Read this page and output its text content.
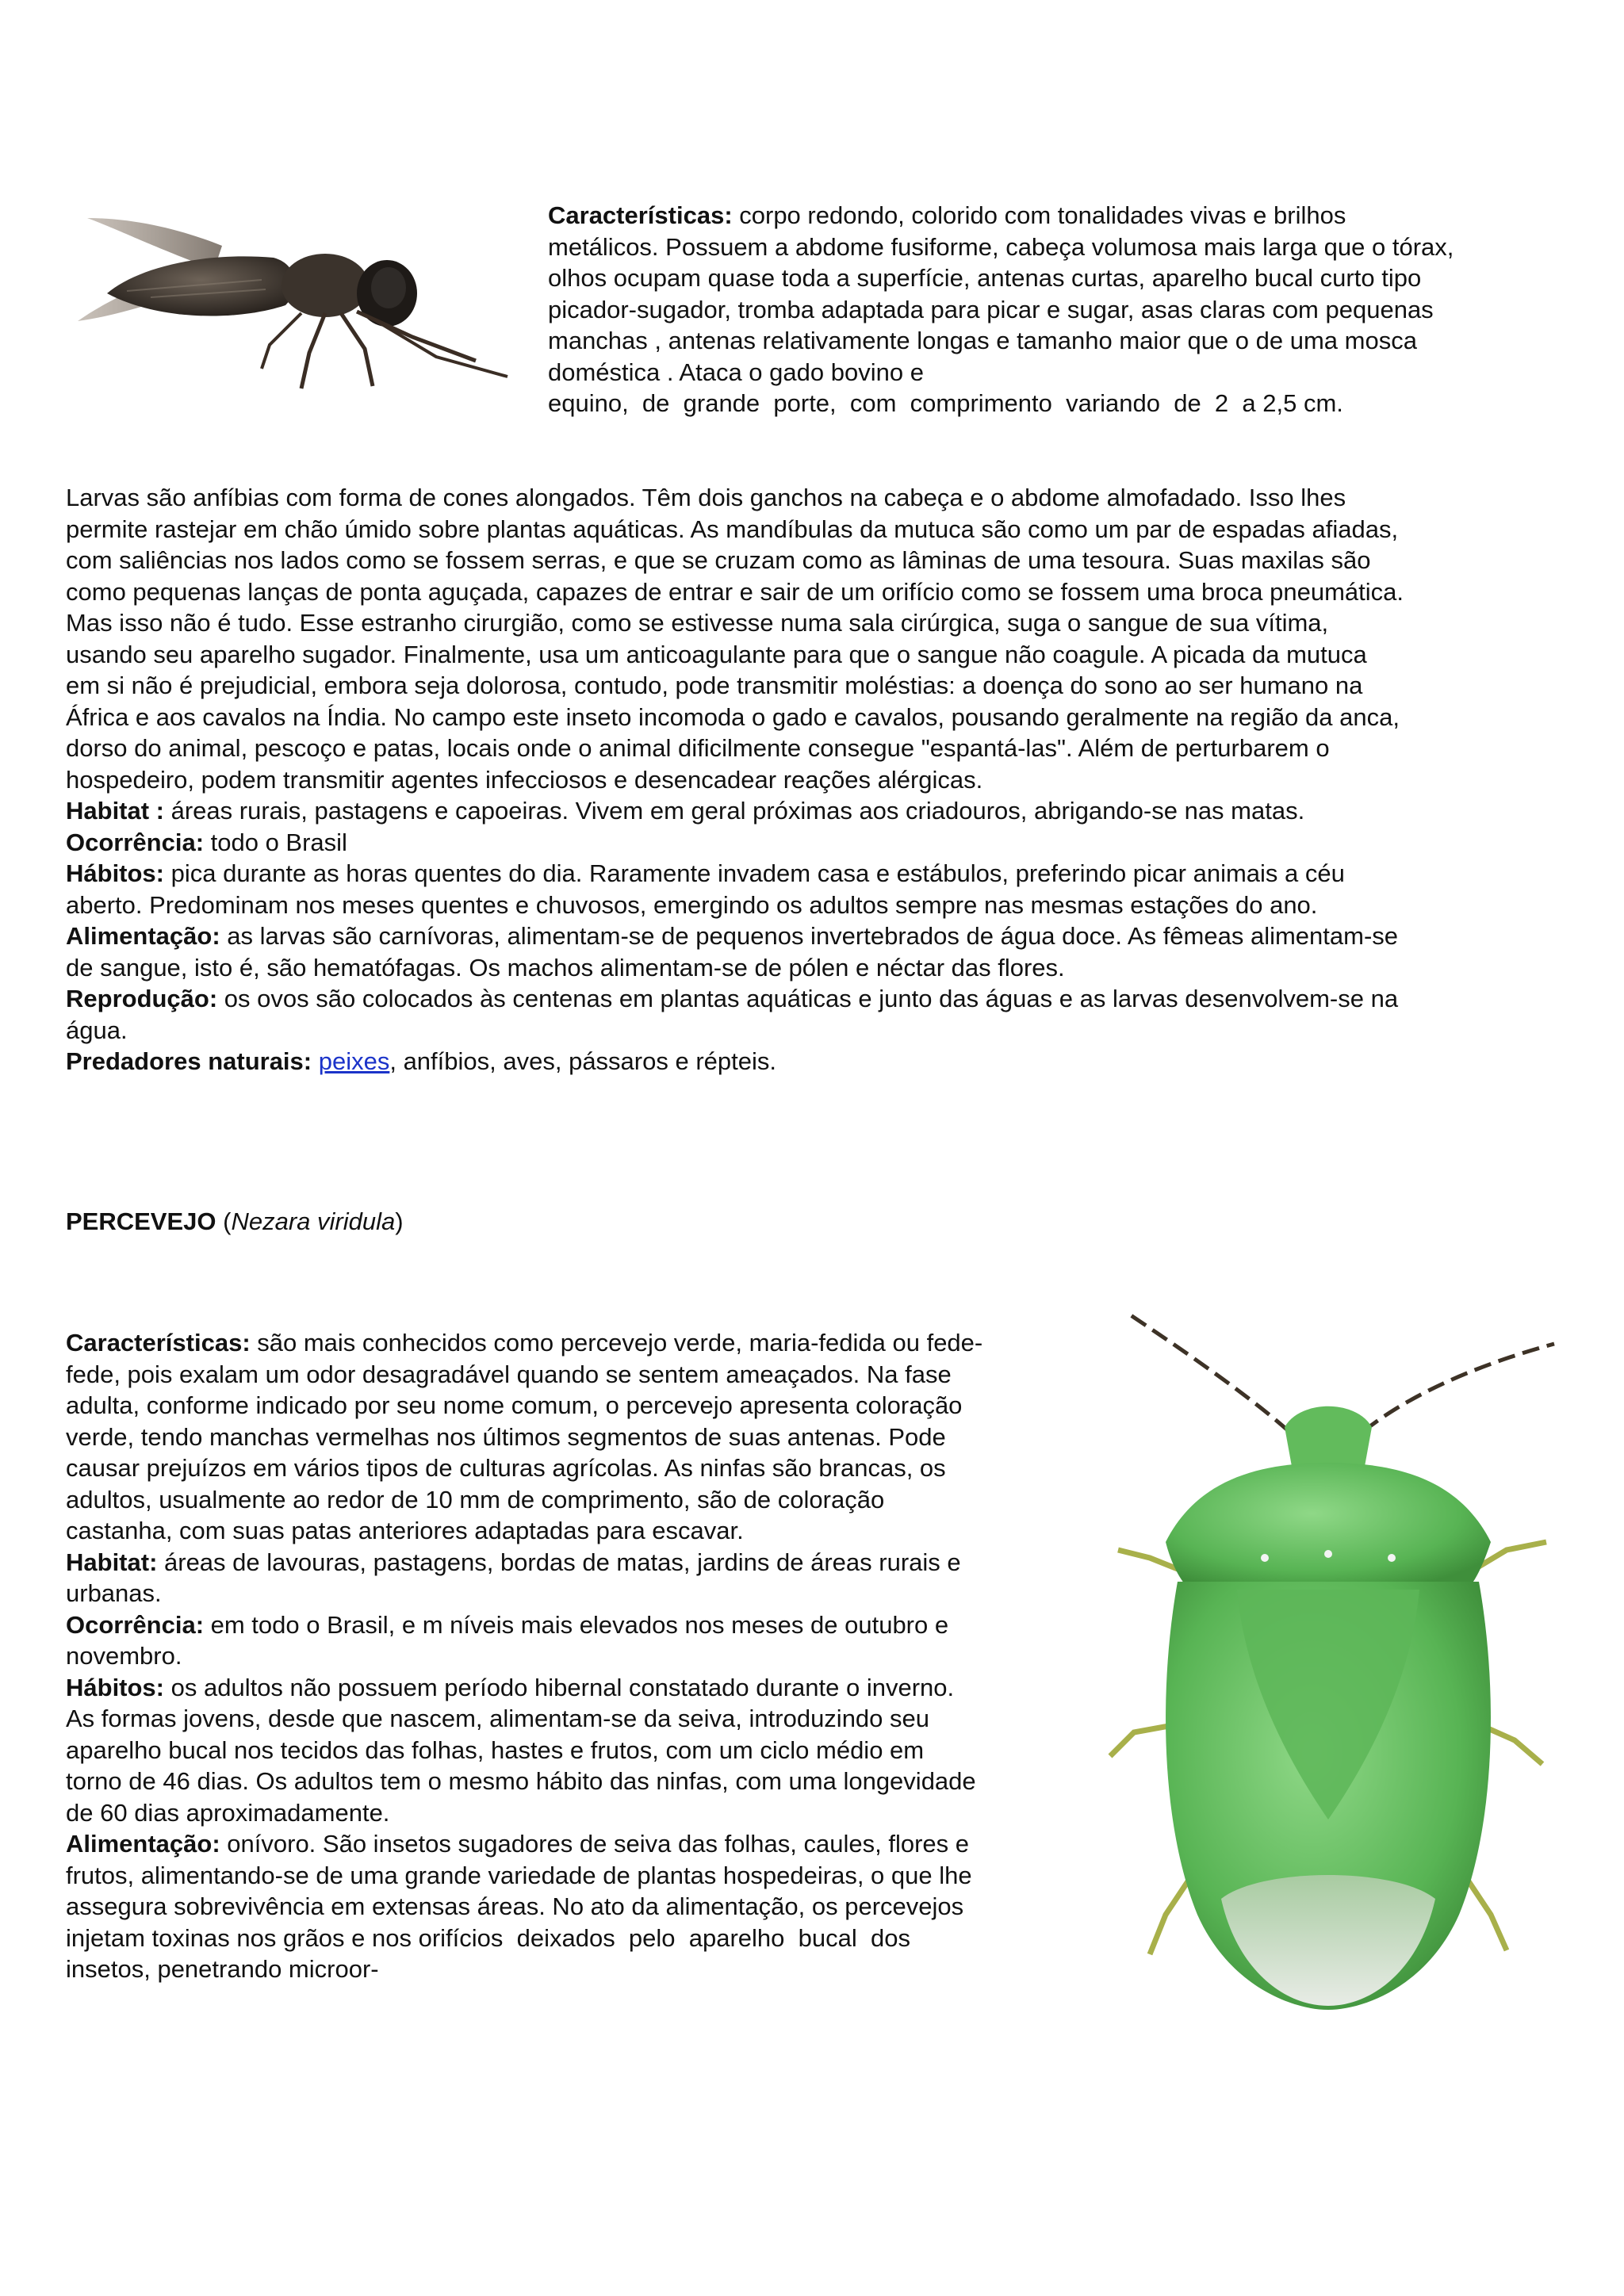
Características: corpo redondo, colorido com tonalidades vivas e brilhos
metálicos. Possuem a abdome fusiforme, cabeça volumosa mais larga que o tórax,
olhos ocupam quase toda a superfície, antenas curtas, aparelho bucal curto tipo
picador-sugador, tromba adaptada para picar e sugar, asas claras com pequenas
manchas , antenas relativamente longas e tamanho maior que o de uma mosca
doméstica . Ataca o gado bovino e
equino,  de  grande  porte,  com  comprimento  variando  de  2  a 2,5 cm.
Larvas são anfíbias com forma de cones alongados. Têm dois ganchos na cabeça e o abdome almofadado. Isso lhes
permite rastejar em chão úmido sobre plantas aquáticas. As mandíbulas da mutuca são como um par de espadas afiadas,
com saliências nos lados como se fossem serras, e que se cruzam como as lâminas de uma tesoura. Suas maxilas são
como pequenas lanças de ponta aguçada, capazes de entrar e sair de um orifício como se fossem uma broca pneumática.
Mas isso não é tudo. Esse estranho cirurgião, como se estivesse numa sala cirúrgica, suga o sangue de sua vítima,
usando seu aparelho sugador. Finalmente, usa um anticoagulante para que o sangue não coagule. A picada da mutuca
em si não é prejudicial, embora seja dolorosa, contudo, pode transmitir moléstias: a doença do sono ao ser humano na
África e aos cavalos na Índia. No campo este inseto incomoda o gado e cavalos, pousando geralmente na região da anca,
dorso do animal, pescoço e patas, locais onde o animal dificilmente consegue "espantá-las". Além de perturbarem o
hospedeiro, podem transmitir agentes infecciosos e desencadear reações alérgicas.
Habitat : áreas rurais, pastagens e capoeiras. Vivem em geral próximas aos criadouros, abrigando-se nas matas.
Ocorrência: todo o Brasil
Hábitos: pica durante as horas quentes do dia. Raramente invadem casa e estábulos, preferindo picar animais a céu
aberto. Predominam nos meses quentes e chuvosos, emergindo os adultos sempre nas mesmas estações do ano.
Alimentação: as larvas são carnívoras, alimentam-se de pequenos invertebrados de água doce. As fêmeas alimentam-se
de sangue, isto é, são hematófagas. Os machos alimentam-se de pólen e néctar das flores.
Reprodução: os ovos são colocados às centenas em plantas aquáticas e junto das águas e as larvas desenvolvem-se na
água.
Predadores naturais: peixes, anfíbios, aves, pássaros e répteis.
PERCEVEJO (Nezara viridula)
Características: são mais conhecidos como percevejo verde, maria-fedida ou fede-
fede, pois exalam um odor desagradável quando se sentem ameaçados. Na fase
adulta, conforme indicado por seu nome comum, o percevejo apresenta coloração
verde, tendo manchas vermelhas nos últimos segmentos de suas antenas. Pode
causar prejuízos em vários tipos de culturas agrícolas. As ninfas são brancas, os
adultos, usualmente ao redor de 10 mm de comprimento, são de coloração
castanha, com suas patas anteriores adaptadas para escavar.
Habitat: áreas de lavouras, pastagens, bordas de matas, jardins de áreas rurais e
urbanas.
Ocorrência: em todo o Brasil, e m níveis mais elevados nos meses de outubro e
novembro.
Hábitos: os adultos não possuem período hibernal constatado durante o inverno.
As formas jovens, desde que nascem, alimentam-se da seiva, introduzindo seu
aparelho bucal nos tecidos das folhas, hastes e frutos, com um ciclo médio em
torno de 46 dias. Os adultos tem o mesmo hábito das ninfas, com uma longevidade
de 60 dias aproximadamente.
Alimentação: onívoro. São insetos sugadores de seiva das folhas, caules, flores e
frutos, alimentando-se de uma grande variedade de plantas hospedeiras, o que lhe
assegura sobrevivência em extensas áreas. No ato da alimentação, os percevejos
injetam toxinas nos grãos e nos orifícios  deixados  pelo  aparelho  bucal  dos
insetos, penetrando microor-
